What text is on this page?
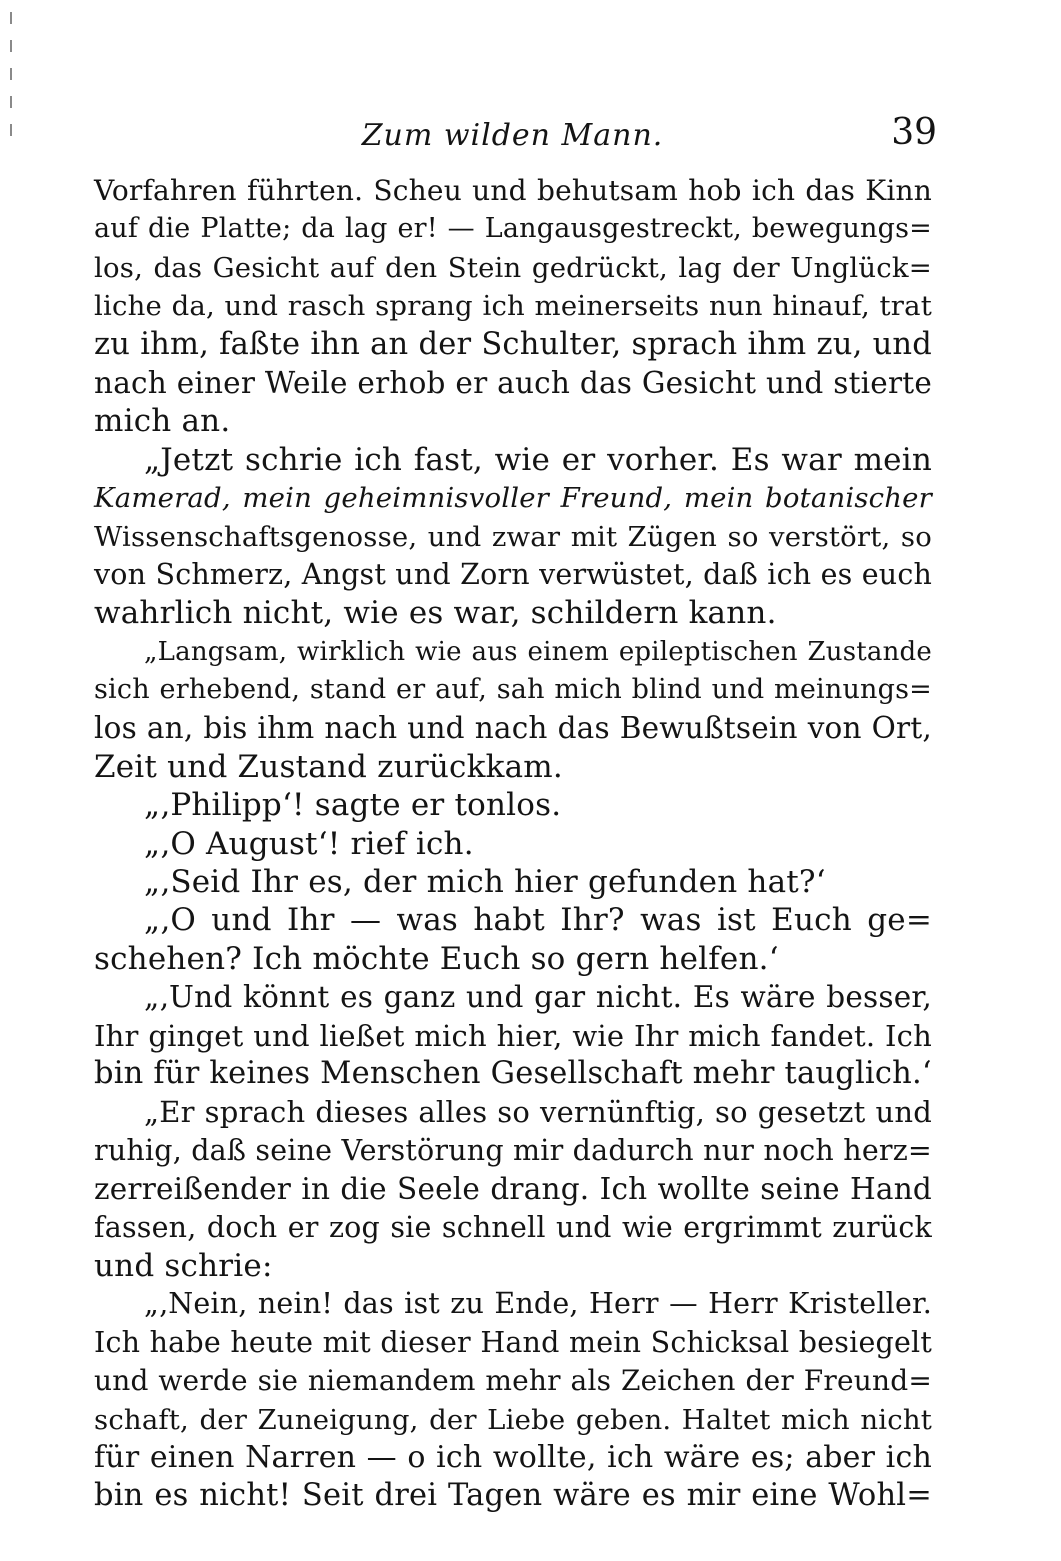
Zum wilden Mann.	39
Vorfahren führten. Scheu und behutsam hob ich das Kinn
auf die Platte; da lag er! — Langausgestreckt, bewegungs=
los, das Gesicht auf den Stein gedrückt, lag der Unglück=
liche da, und rasch sprang ich meinerseits nun hinauf, trat
zu ihm, faßte ihn an der Schulter, sprach ihm zu, und
nach einer Weile erhob er auch das Gesicht und stierte
mich an.
„Jetzt schrie ich fast, wie er vorher. Es war mein
Kamerad, mein geheimnisvoller Freund, mein botanischer
Wissenschaftsgenosse, und zwar mit Zügen so verstört, so
von Schmerz, Angst und Zorn verwüstet, daß ich es euch
wahrlich nicht, wie es war, schildern kann.
„Langsam, wirklich wie aus einem epileptischen Zustande
sich erhebend, stand er auf, sah mich blind und meinungs=
los an, bis ihm nach und nach das Bewußtsein von Ort,
Zeit und Zustand zurückkam.
„‚Philipp‘! sagte er tonlos.
„‚O August‘! rief ich.
„‚Seid Ihr es, der mich hier gefunden hat?‘
„‚O und Ihr — was habt Ihr? was ist Euch ge=
schehen? Ich möchte Euch so gern helfen.‘
„‚Und könnt es ganz und gar nicht. Es wäre besser,
Ihr ginget und ließet mich hier, wie Ihr mich fandet. Ich
bin für keines Menschen Gesellschaft mehr tauglich.‘
„Er sprach dieses alles so vernünftig, so gesetzt und
ruhig, daß seine Verstörung mir dadurch nur noch herz=
zerreißender in die Seele drang. Ich wollte seine Hand
fassen, doch er zog sie schnell und wie ergrimmt zurück
und schrie:
„‚Nein, nein! das ist zu Ende, Herr — Herr Kristeller.
Ich habe heute mit dieser Hand mein Schicksal besiegelt
und werde sie niemandem mehr als Zeichen der Freund=
schaft, der Zuneigung, der Liebe geben. Haltet mich nicht
für einen Narren — o ich wollte, ich wäre es; aber ich
bin es nicht! Seit drei Tagen wäre es mir eine Wohl=
